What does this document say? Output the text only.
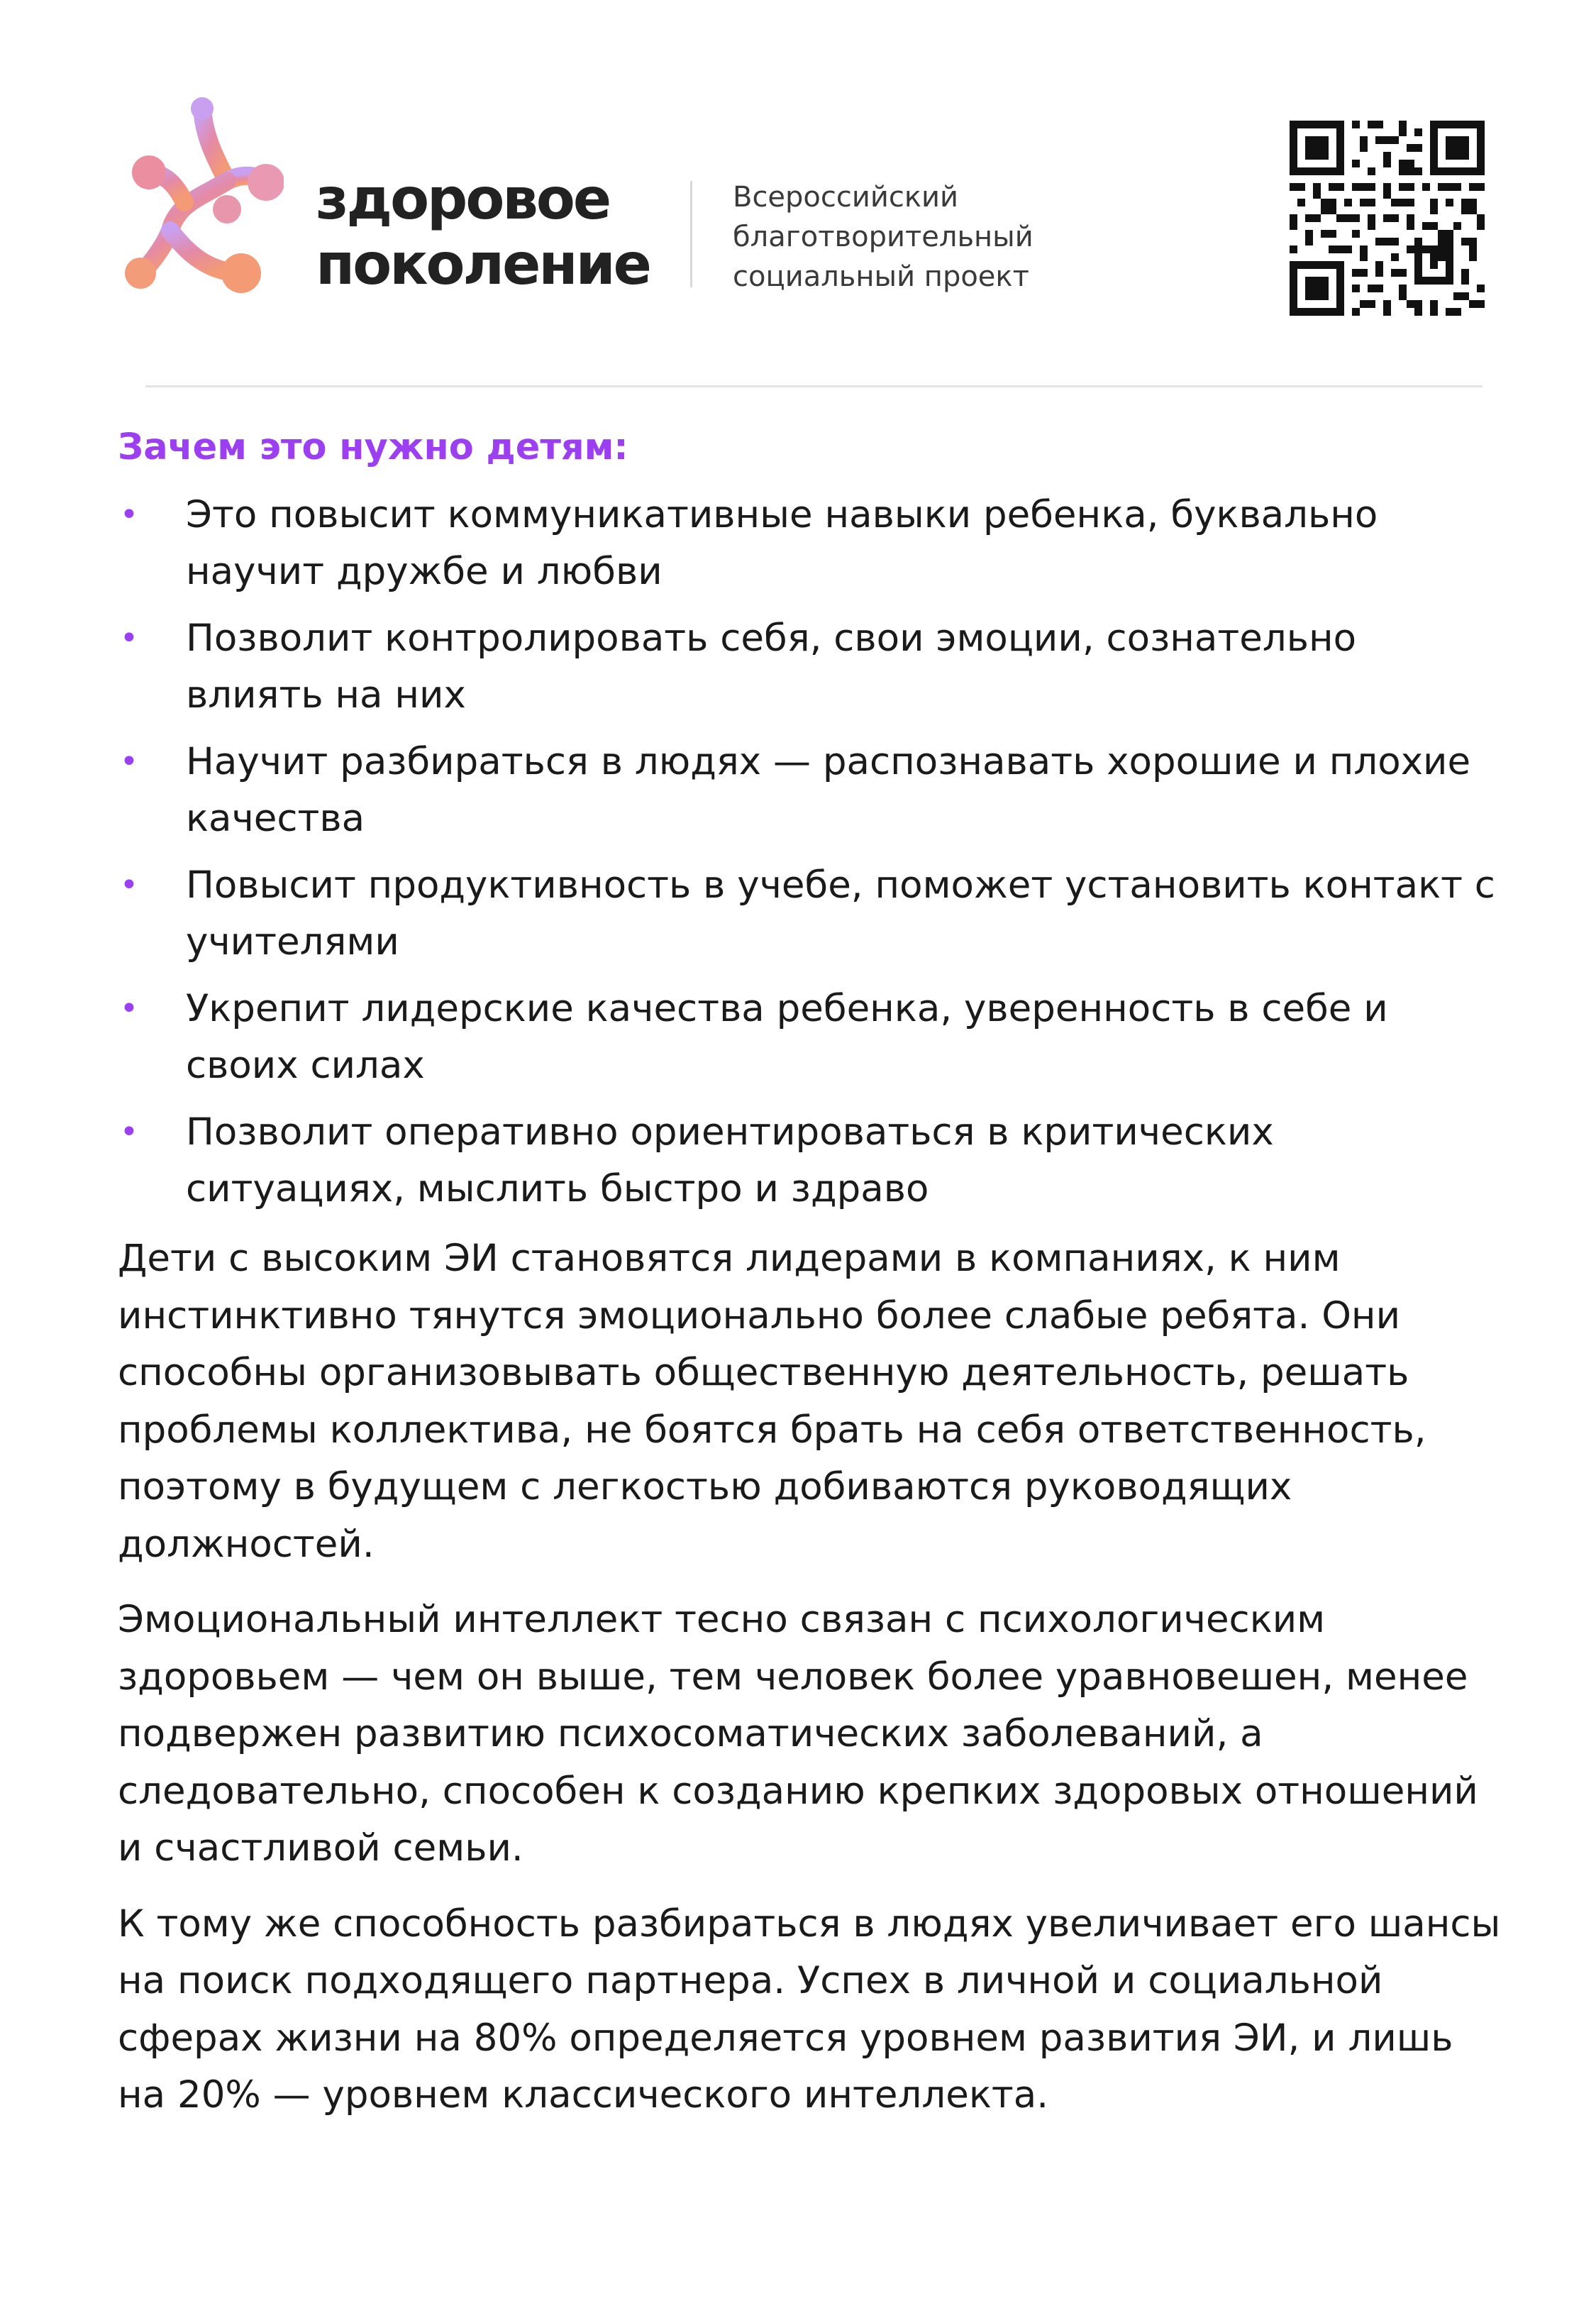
здоровое
поколение
Всероссийский
благотворительный
социальный проект
Зачем это нужно детям:
• Это повысит коммуникативные навыки ребенка, буквально научит дружбе и любви
• Позволит контролировать себя, свои эмоции, сознательно влиять на них
• Научит разбираться в людях — распознавать хорошие и плохие качества
• Повысит продуктивность в учебе, поможет установить контакт с учителями
• Укрепит лидерские качества ребенка, уверенность в себе и своих силах
• Позволит оперативно ориентироваться в критических ситуациях, мыслить быстро и здраво

Дети с высоким ЭИ становятся лидерами в компаниях, к ним инстинктивно тянутся эмоционально более слабые ребята. Они способны организовывать общественную деятельность, решать проблемы коллектива, не боятся брать на себя ответственность, поэтому в будущем с легкостью добиваются руководящих должностей.

Эмоциональный интеллект тесно связан с психологическим здоровьем — чем он выше, тем человек более уравновешен, менее подвержен развитию психосоматических заболеваний, а следовательно, способен к созданию крепких здоровых отношений и счастливой семьи.

К тому же способность разбираться в людях увеличивает его шансы на поиск подходящего партнера. Успех в личной и социальной сферах жизни на 80% определяется уровнем развития ЭИ, и лишь на 20% — уровнем классического интеллекта.
